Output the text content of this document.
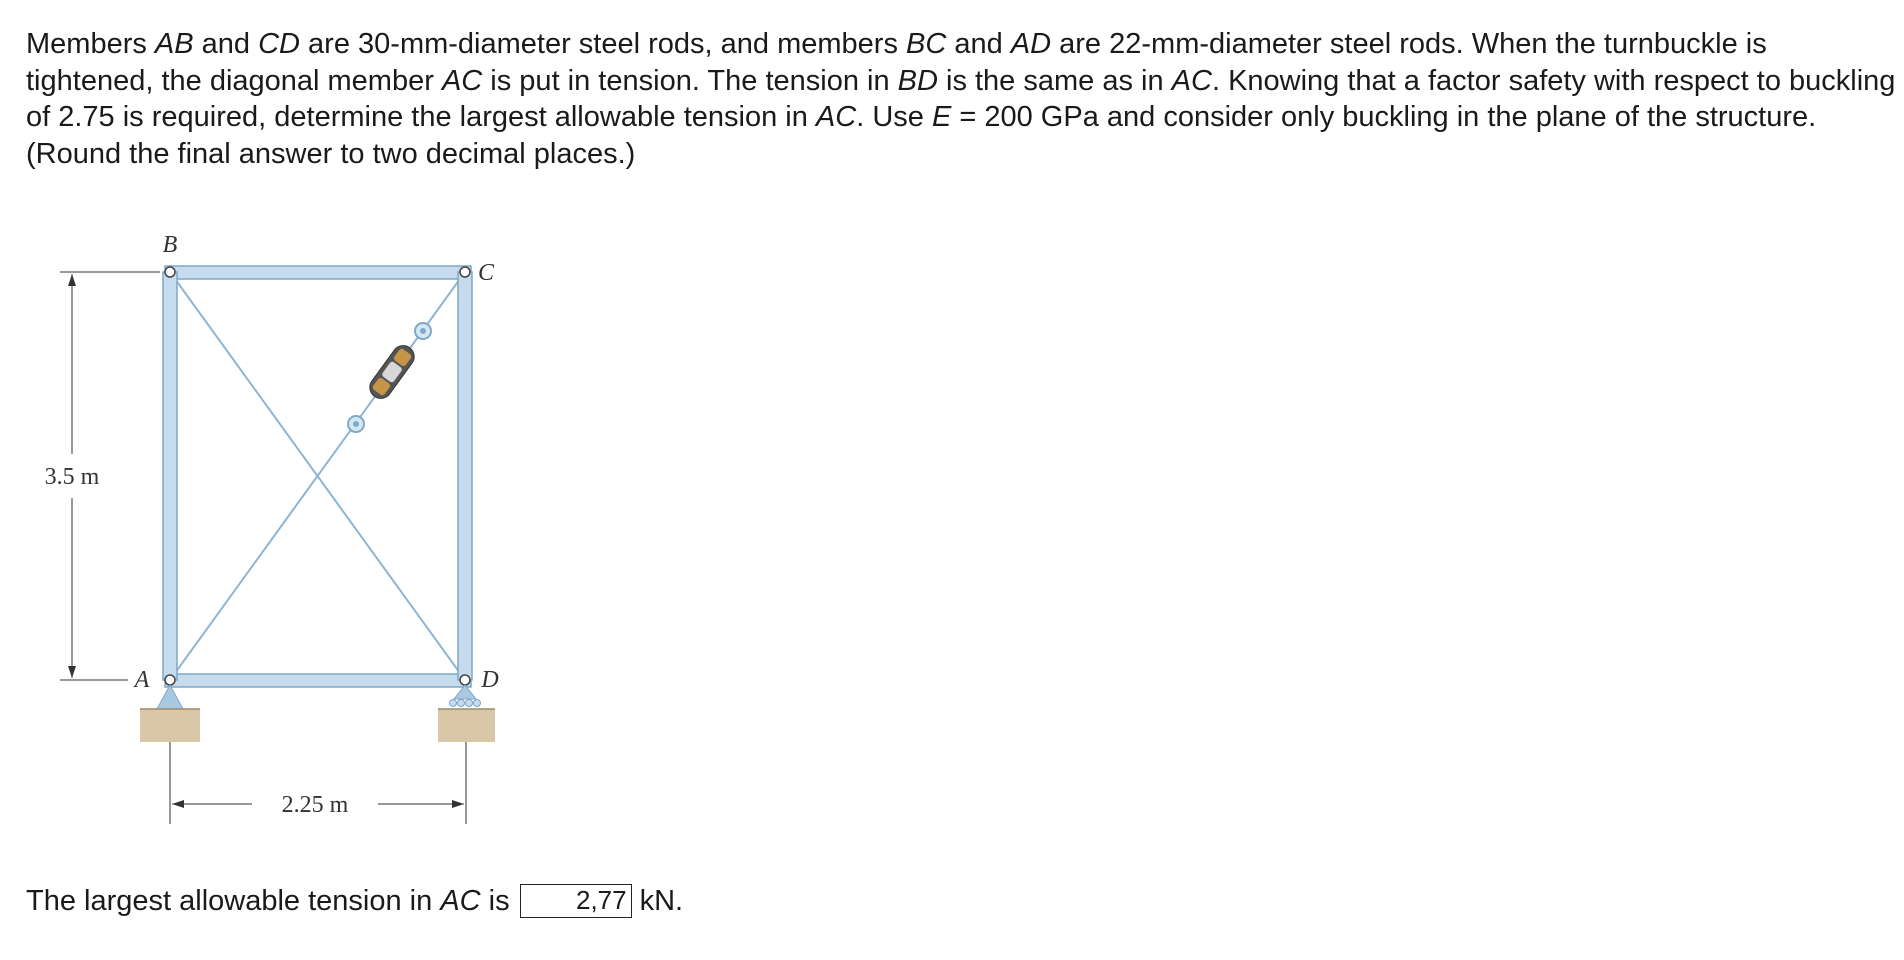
Members AB and CD are 30-mm-diameter steel rods, and members BC and AD are 22-mm-diameter steel rods. When the turnbuckle is tightened, the diagonal member AC is put in tension. The tension in BD is the same as in AC. Knowing that a factor safety with respect to buckling of 2.75 is required, determine the largest allowable tension in AC. Use E = 200 GPa and consider only buckling in the plane of the structure. (Round the final answer to two decimal places.)

3.5 m
2.25 m
B
C
A	D
The largest allowable tension in AC is	2,77 kN.
